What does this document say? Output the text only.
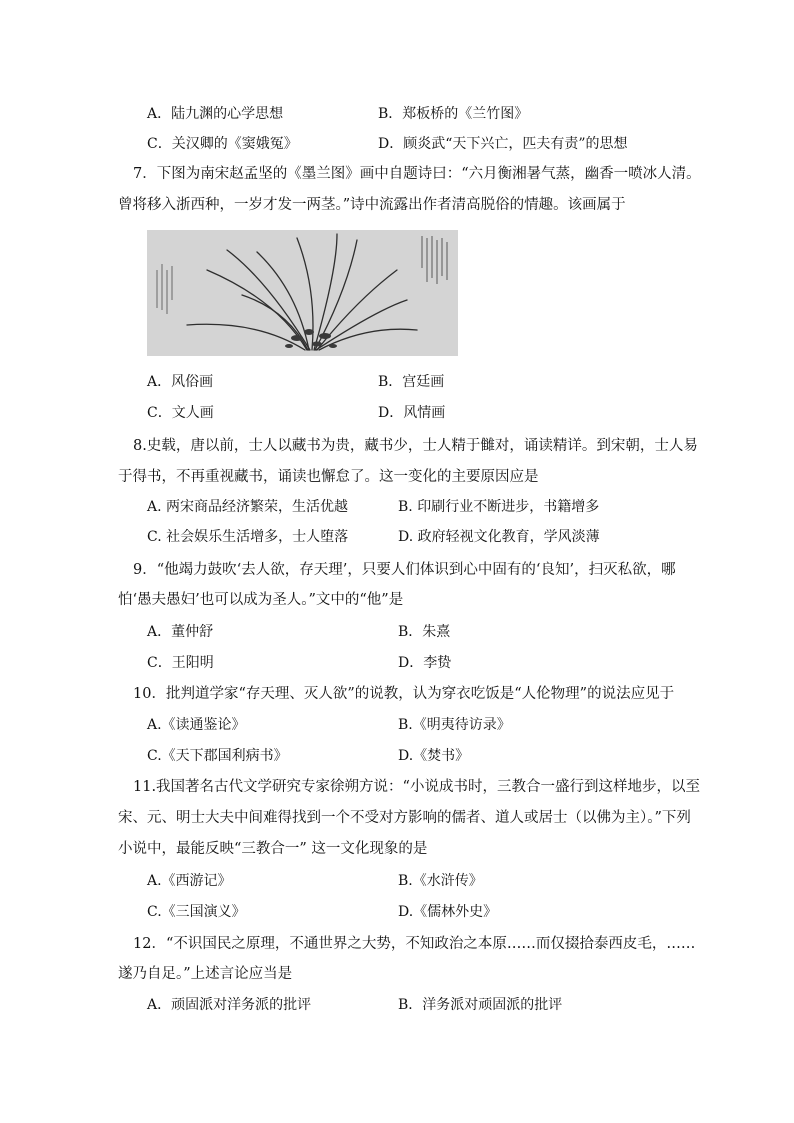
A．陆九渊的心学思想	B．郑板桥的《兰竹图》
C．关汉卿的《窦娥冤》	D．顾炎武“天下兴亡，匹夫有责”的思想
7．下图为南宋赵孟坚的《墨兰图》画中自题诗曰：“六月衡湘暑气蒸，幽香一喷冰人清。
曾将移入浙西种，一岁才发一两茎。”诗中流露出作者清高脱俗的情趣。该画属于
A．风俗画	B．宫廷画
C．文人画	D．风情画
8.史载，唐以前，士人以藏书为贵，藏书少，士人精于雠对，诵读精详。到宋朝，士人易
于得书，不再重视藏书，诵读也懈怠了。这一变化的主要原因应是
A. 两宋商品经济繁荣，生活优越	B. 印刷行业不断进步，书籍增多
C. 社会娱乐生活增多，士人堕落	D. 政府轻视文化教育，学风淡薄
9．“他竭力鼓吹‘去人欲，存天理’，只要人们体识到心中固有的‘良知’，扫灭私欲，哪
怕‘愚夫愚妇’也可以成为圣人。”文中的“他”是
A．董仲舒	B．朱熹
C．王阳明	D．李贽
10．批判道学家“存天理、灭人欲”的说教，认为穿衣吃饭是“人伦物理”的说法应见于
A.《读通鉴论》	B.《明夷待访录》
C.《天下郡国利病书》	D.《焚书》
11.我国著名古代文学研究专家徐朔方说：“小说成书时，三教合一盛行到这样地步，以至
宋、元、明士大夫中间难得找到一个不受对方影响的儒者、道人或居士（以佛为主）。”下列
小说中，最能反映“三教合一” 这一文化现象的是
A.《西游记》	B.《水浒传》
C.《三国演义》	D.《儒林外史》
12．“不识国民之原理，不通世界之大势，不知政治之本原……而仅掇拾泰西皮毛，……
遂乃自足。”上述言论应当是
A．顽固派对洋务派的批评	B．洋务派对顽固派的批评
